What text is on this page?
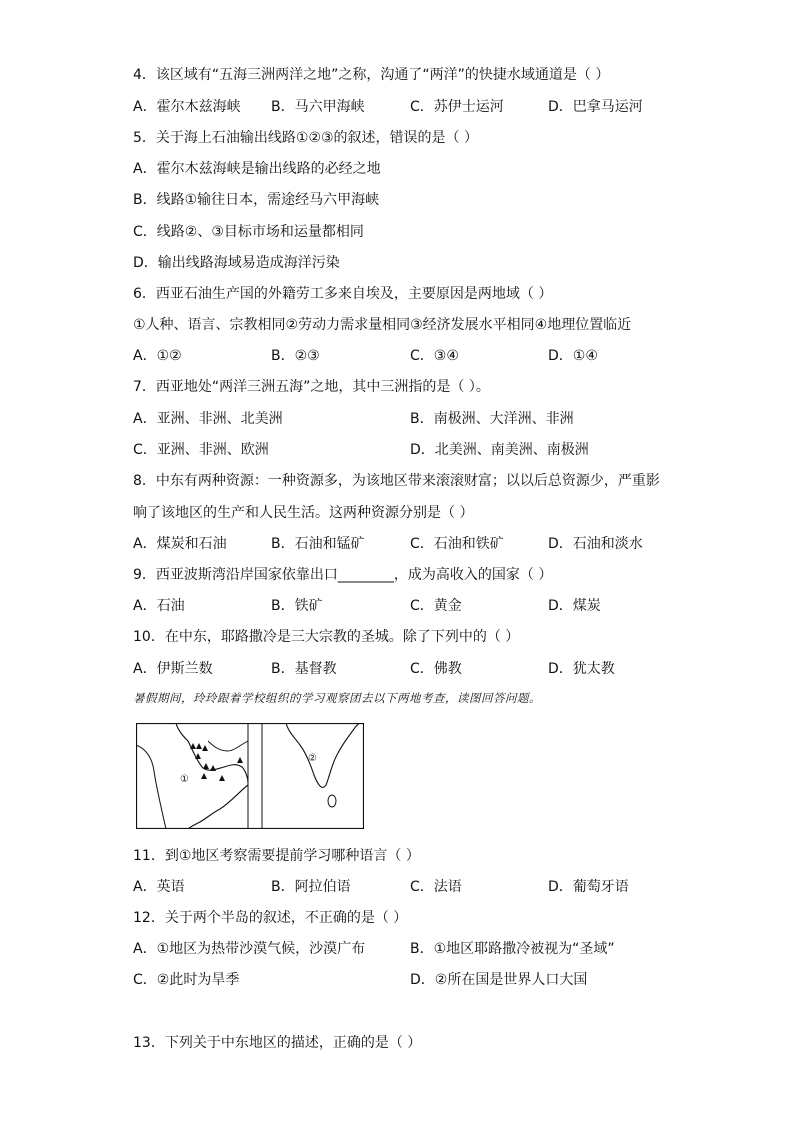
4．该区域有“五海三洲两洋之地”之称，沟通了“两洋”的快捷水域通道是（ ）
A．霍尔木兹海峡 B．马六甲海峡	C．苏伊士运河	D．巴拿马运河
5．关于海上石油输出线路①②③的叙述，错误的是（ ）
A．霍尔木兹海峡是输出线路的必经之地
B．线路①输往日本，需途经马六甲海峡
C．线路②、③目标市场和运量都相同
D．输出线路海域易造成海洋污染
6．西亚石油生产国的外籍劳工多来自埃及，主要原因是两地域（ ）
①人种、语言、宗教相同②劳动力需求量相同③经济发展水平相同④地理位置临近
A．①②	B．②③	C．③④	D．①④
7．西亚地处“两洋三洲五海”之地，其中三洲指的是（ ）。
A．亚洲、非洲、北美洲	B．南极洲、大洋洲、非洲
C．亚洲、非洲、欧洲	D．北美洲、南美洲、南极洲
8．中东有两种资源：一种资源多，为该地区带来滚滚财富；以以后总资源少，严重影
响了该地区的生产和人民生活。这两种资源分别是（ ）
A．煤炭和石油	B．石油和锰矿	C．石油和铁矿	D．石油和淡水
9．西亚波斯湾沿岸国家依靠出口________，成为高收入的国家（ ）
A．石油	B．铁矿	C．黄金	D．煤炭
10．在中东，耶路撒冷是三大宗教的圣城。除了下列中的（ ）
A．伊斯兰数	B．基督教	C．佛教	D．犹太教
暑假期间，玲玲跟着学校组织的学习观察团去以下两地考查，读图回答问题。
①
②
11．到①地区考察需要提前学习哪种语言（ ）
A．英语	B．阿拉伯语	C．法语	D．葡萄牙语
12．关于两个半岛的叙述，不正确的是（ ）
A．①地区为热带沙漠气候，沙漠广布	B．①地区耶路撒冷被视为“圣域”
C．②此时为旱季	D．②所在国是世界人口大国
13．下列关于中东地区的描述，正确的是（ ）
